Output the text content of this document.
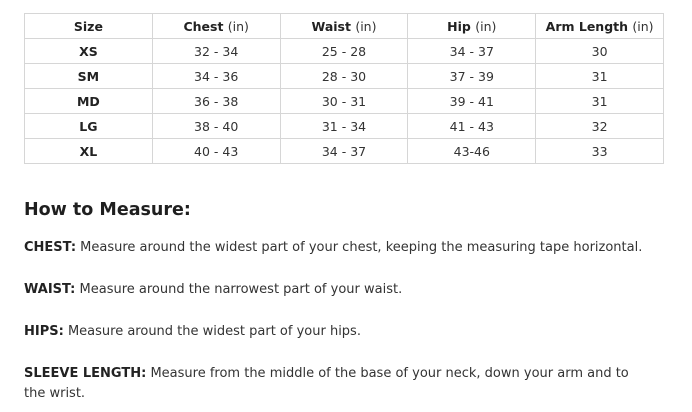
Size	Chest (in)	Waist (in)	Hip (in)	Arm Length (in)
XS	32 - 34	25 - 28	34 - 37	30
SM	34 - 36	28 - 30	37 - 39	31
MD	36 - 38	30 - 31	39 - 41	31
LG	38 - 40	31 - 34	41 - 43	32
XL	40 - 43	34 - 37	43-46	33
How to Measure:

CHEST: Measure around the widest part of your chest, keeping the measuring tape horizontal.

WAIST: Measure around the narrowest part of your waist.

HIPS: Measure around the widest part of your hips.

SLEEVE LENGTH: Measure from the middle of the base of your neck, down your arm and to the wrist.
